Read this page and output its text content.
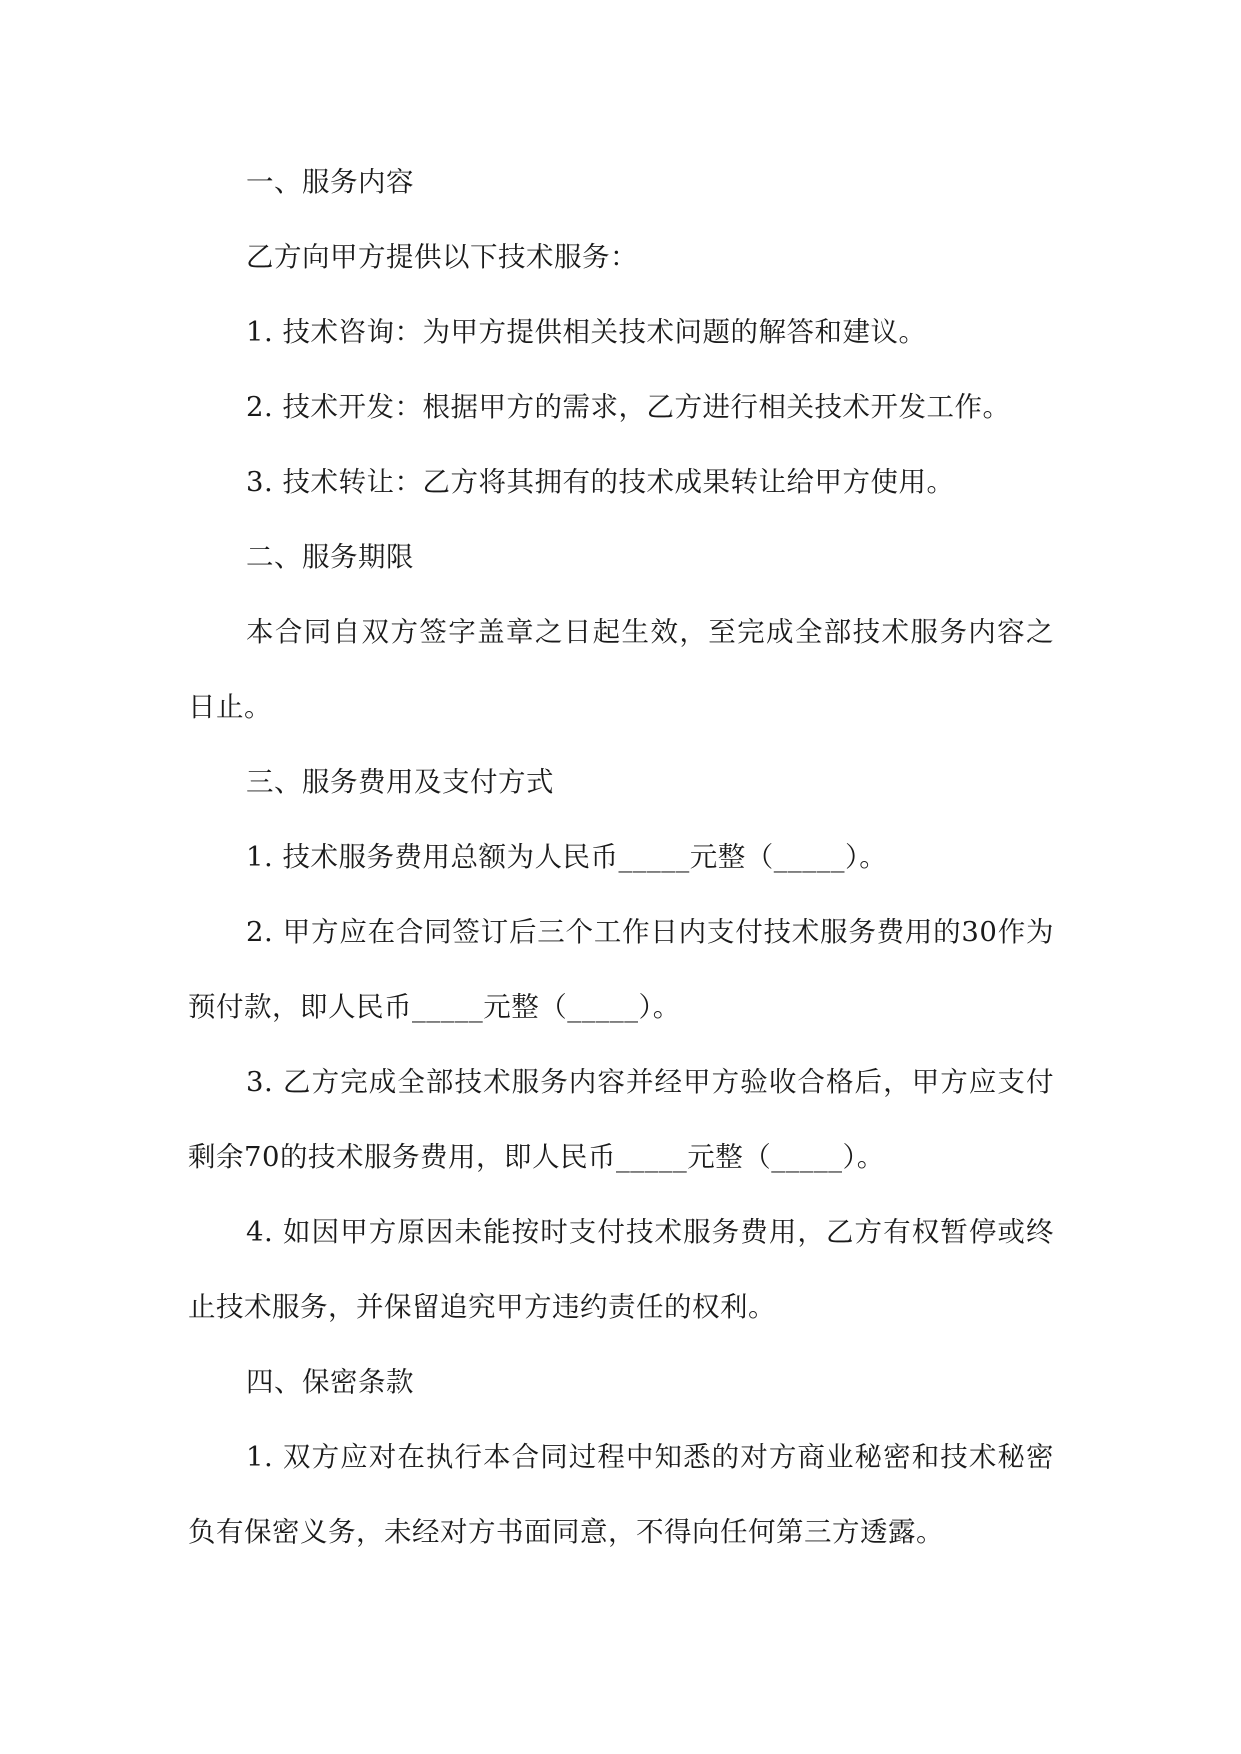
一、服务内容

乙方向甲方提供以下技术服务：

1. 技术咨询：为甲方提供相关技术问题的解答和建议。

2. 技术开发：根据甲方的需求，乙方进行相关技术开发工作。

3. 技术转让：乙方将其拥有的技术成果转让给甲方使用。

二、服务期限

本合同自双方签字盖章之日起生效，至完成全部技术服务内容之日止。

三、服务费用及支付方式

1. 技术服务费用总额为人民币_____元整（_____）。

2. 甲方应在合同签订后三个工作日内支付技术服务费用的30作为预付款，即人民币_____元整（_____）。

3. 乙方完成全部技术服务内容并经甲方验收合格后，甲方应支付剩余70的技术服务费用，即人民币_____元整（_____）。

4. 如因甲方原因未能按时支付技术服务费用，乙方有权暂停或终止技术服务，并保留追究甲方违约责任的权利。

四、保密条款

1. 双方应对在执行本合同过程中知悉的对方商业秘密和技术秘密负有保密义务，未经对方书面同意，不得向任何第三方透露。
